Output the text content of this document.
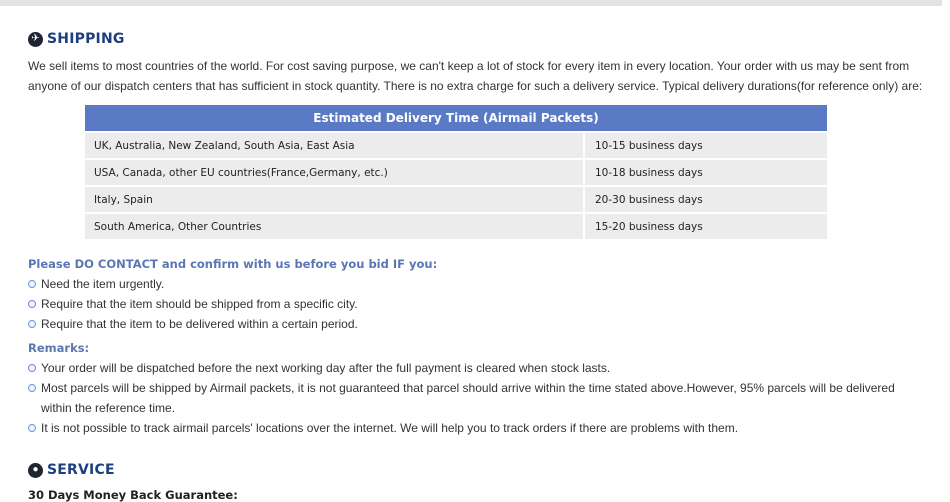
✈ SHIPPING
We sell items to most countries of the world. For cost saving purpose, we can't keep a lot of stock for every item in every location. Your order with us may be sent from anyone of our dispatch centers that has sufficient in stock quantity. There is no extra charge for such a delivery service. Typical delivery durations(for reference only) are:
Estimated Delivery Time (Airmail Packets)	
UK, Australia, New Zealand, South Asia, East Asia	10-15 business days
USA, Canada, other EU countries(France,Germany, etc.)	10-18 business days
Italy, Spain	20-30 business days
South America, Other Countries	15-20 business days
Please DO CONTACT and confirm with us before you bid IF you:
Need the item urgently.
Require that the item should be shipped from a specific city.
Require that the item to be delivered within a certain period.
Remarks:
Your order will be dispatched before the next working day after the full payment is cleared when stock lasts.
Most parcels will be shipped by Airmail packets, it is not guaranteed that parcel should arrive within the time stated above.However, 95% parcels will be delivered within the reference time.
It is not possible to track airmail parcels' locations over the internet. We will help you to track orders if there are problems with them.
● SERVICE
30 Days Money Back Guarantee:
